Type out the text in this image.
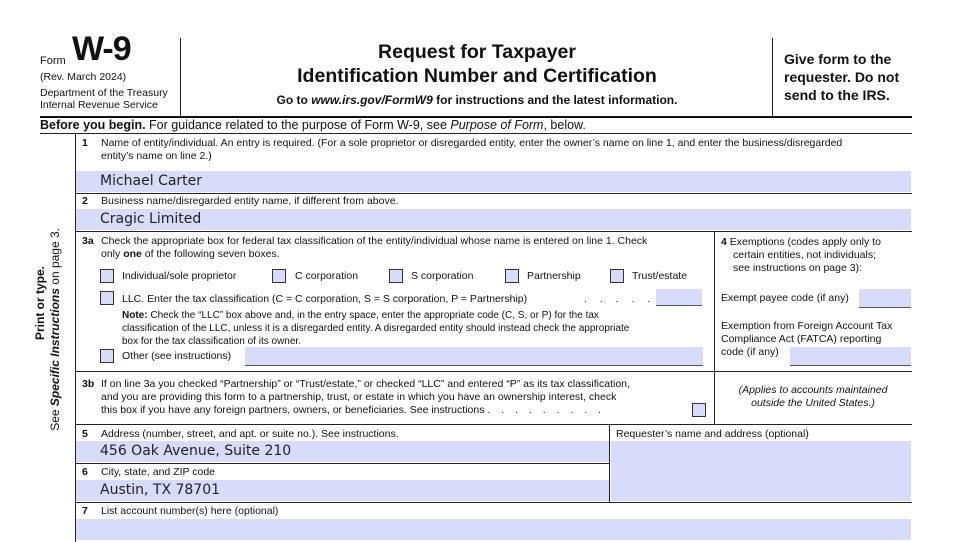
Form W-9
(Rev. March 2024)
Department of the Treasury
Internal Revenue Service
Request for Taxpayer
Identification Number and Certification
Go to www.irs.gov/FormW9 for instructions and the latest information.
Give form to the
requester. Do not
send to the IRS.
Before you begin. For guidance related to the purpose of Form W-9, see Purpose of Form, below.
Print or type.
See Specific Instructions on page 3.
1 Name of entity/individual. An entry is required. (For a sole proprietor or disregarded entity, enter the owner’s name on line 1, and enter the business/disregarded
entity’s name on line 2.)
Michael Carter
2 Business name/disregarded entity name, if different from above.
Cragic Limited
3a Check the appropriate box for federal tax classification of the entity/individual whose name is entered on line 1. Check
only one of the following seven boxes.
Individual/sole proprietor	C corporation	S corporation	Partnership	Trust/estate
LLC. Enter the tax classification (C = C corporation, S = S corporation, P = Partnership)	. . . . .
Note: Check the “LLC” box above and, in the entry space, enter the appropriate code (C, S, or P) for the tax
classification of the LLC, unless it is a disregarded entity. A disregarded entity should instead check the appropriate
box for the tax classification of its owner.
Other (see instructions)
3b If on line 3a you checked “Partnership” or “Trust/estate,” or checked “LLC” and entered “P” as its tax classification,
and you are providing this form to a partnership, trust, or estate in which you have an ownership interest, check
this box if you have any foreign partners, owners, or beneficiaries. See instructions . . . . . . . . .
4 Exemptions (codes apply only to
certain entities, not individuals;
see instructions on page 3):
Exempt payee code (if any)
Exemption from Foreign Account Tax
Compliance Act (FATCA) reporting
code (if any)
(Applies to accounts maintained
outside the United States.)
5 Address (number, street, and apt. or suite no.). See instructions.
456 Oak Avenue, Suite 210
6 City, state, and ZIP code
Austin, TX 78701
Requester’s name and address (optional)
7 List account number(s) here (optional)
